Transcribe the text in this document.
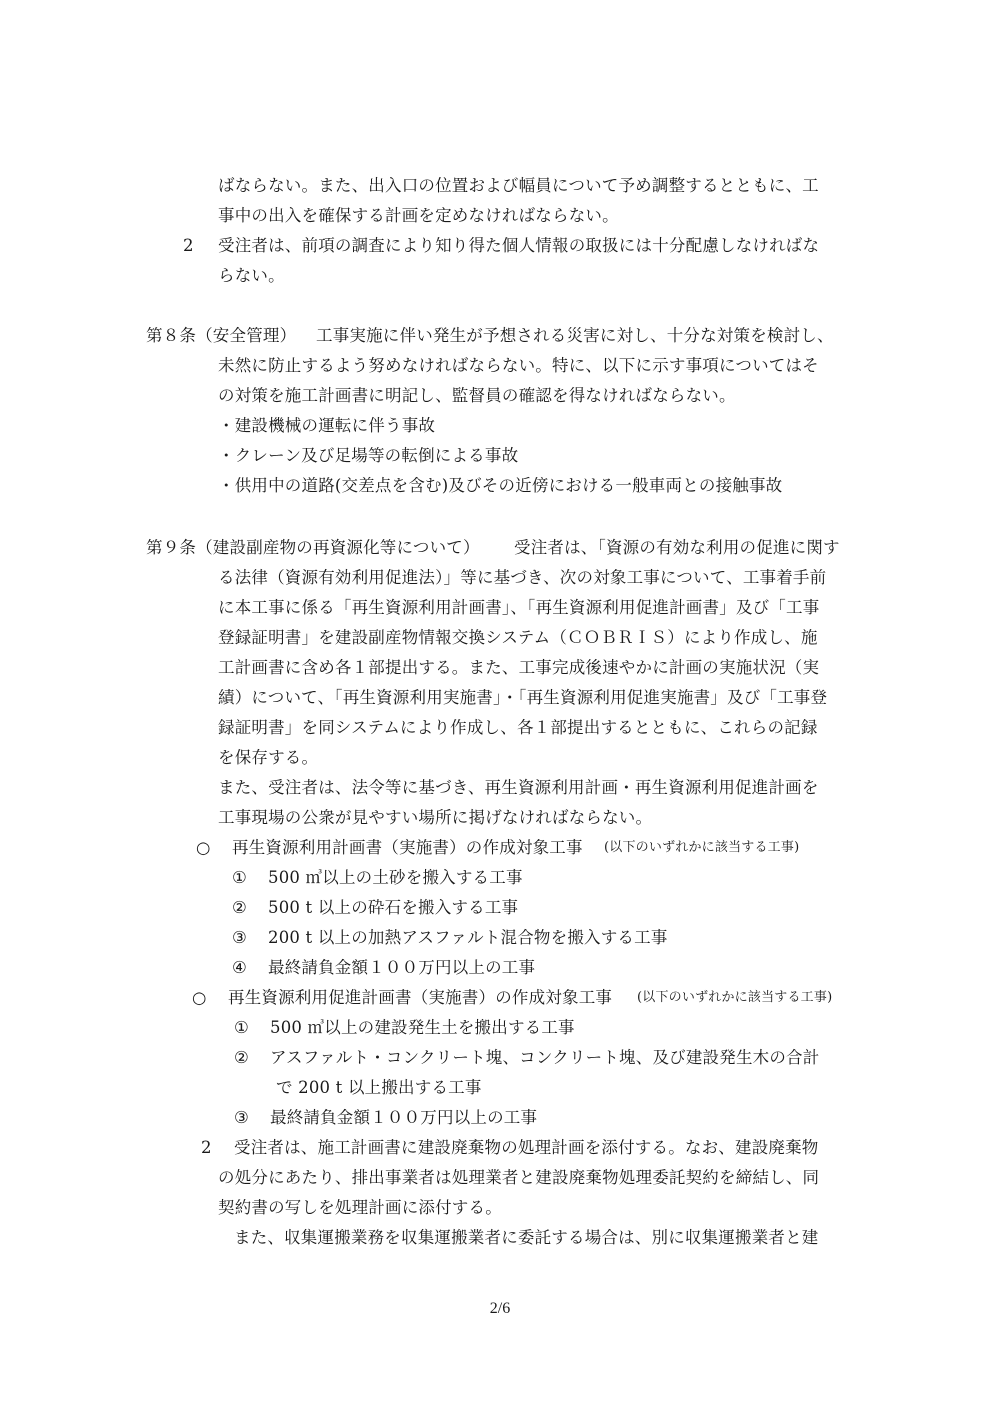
ばならない。また、出入口の位置および幅員について予め調整するとともに、工
事中の出入を確保する計画を定めなければならない。
2 受注者は、前項の調査により知り得た個人情報の取扱には十分配慮しなければな
らない。
第８条（安全管理） 工事実施に伴い発生が予想される災害に対し、十分な対策を検討し、
未然に防止するよう努めなければならない。特に、以下に示す事項についてはそ
の対策を施工計画書に明記し、監督員の確認を得なければならない。
・建設機械の運転に伴う事故
・クレーン及び足場等の転倒による事故
・供用中の道路(交差点を含む)及びその近傍における一般車両との接触事故
第９条（建設副産物の再資源化等について） 受注者は、「資源の有効な利用の促進に関す
る法律（資源有効利用促進法）」等に基づき、次の対象工事について、工事着手前
に本工事に係る「再生資源利用計画書」、「再生資源利用促進計画書」及び「工事
登録証明書」を建設副産物情報交換システム（ＣＯＢＲＩＳ）により作成し、施
工計画書に含め各１部提出する。また、工事完成後速やかに計画の実施状況（実
績）について、「再生資源利用実施書」・「再生資源利用促進実施書」及び「工事登
録証明書」を同システムにより作成し、各１部提出するとともに、これらの記録
を保存する。
また、受注者は、法令等に基づき、再生資源利用計画・再生資源利用促進計画を
工事現場の公衆が見やすい場所に掲げなければならない。
○ 再生資源利用計画書（実施書）の作成対象工事 (以下のいずれかに該当する工事)
① 500 ㎥以上の土砂を搬入する工事
② 500 t 以上の砕石を搬入する工事
③ 200 t 以上の加熱アスファルト混合物を搬入する工事
④ 最終請負金額１００万円以上の工事
○ 再生資源利用促進計画書（実施書）の作成対象工事 (以下のいずれかに該当する工事)
① 500 ㎥以上の建設発生土を搬出する工事
② アスファルト・コンクリート塊、コンクリート塊、及び建設発生木の合計
で 200 t 以上搬出する工事
③ 最終請負金額１００万円以上の工事
2 受注者は、施工計画書に建設廃棄物の処理計画を添付する。なお、建設廃棄物
の処分にあたり、排出事業者は処理業者と建設廃棄物処理委託契約を締結し、同
契約書の写しを処理計画に添付する。
また、収集運搬業務を収集運搬業者に委託する場合は、別に収集運搬業者と建
2/6
